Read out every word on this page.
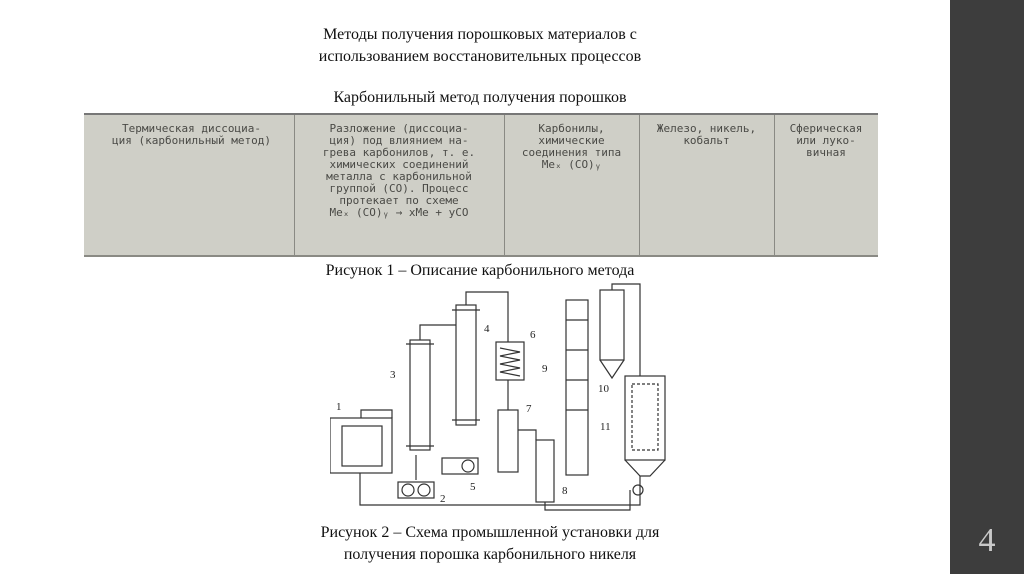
Методы получения порошковых материалов с
использованием восстановительных процессов
Карбонильный метод получения порошков
Термическая диссоциа-
ция (карбонильный метод)
Разложение (диссоциа-
ция) под влиянием на-
грева карбонилов, т. е.
химических соединений
металла с карбонильной
группой (CO). Процесс
протекает по схеме
Meₓ (CO)ᵧ → xMe + yCO
Карбонилы,
химические
соединения типа
Meₓ (CO)ᵧ
Железо, никель,
кобальт
Сферическая
или луко-
вичная
Рисунок 1 – Описание карбонильного метода
1
2
3
4
5
6
7
8
9
10
11
Рисунок 2 – Схема промышленной установки для
получения порошка карбонильного никеля	4
